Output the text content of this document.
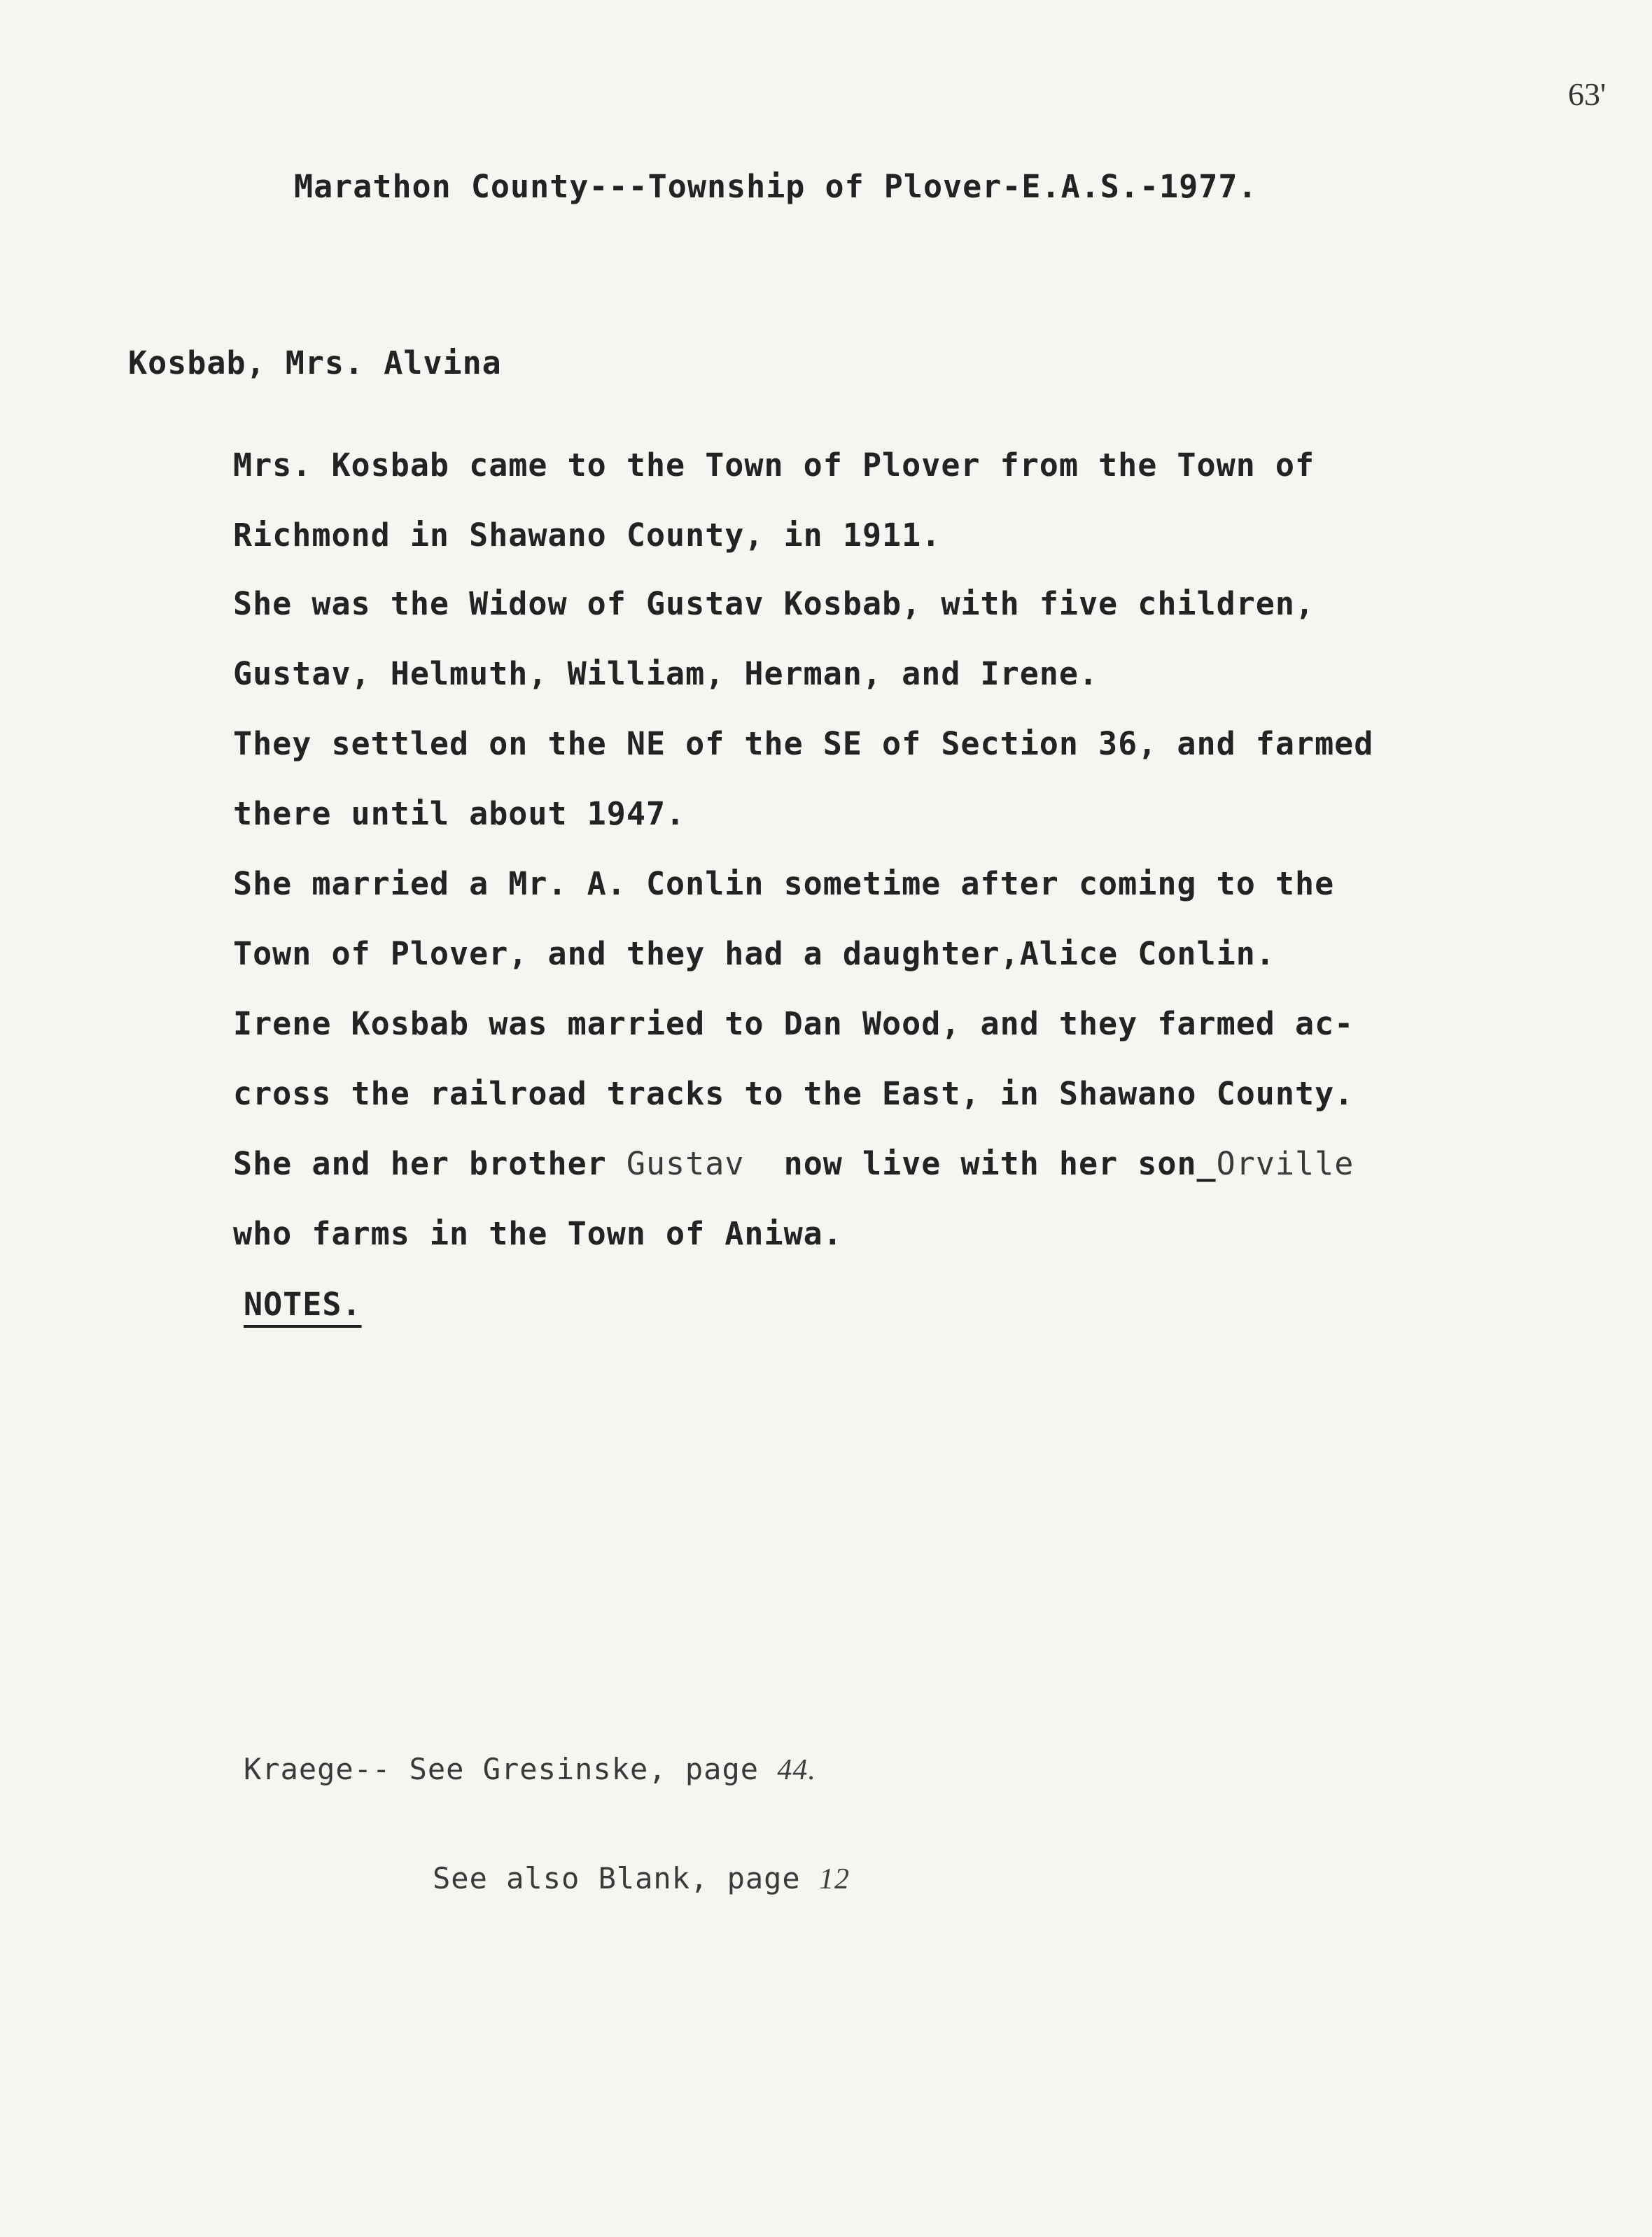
63'
Marathon County---Township of Plover-E.A.S.-1977.
Kosbab, Mrs. Alvina
Mrs. Kosbab came to the Town of Plover from the Town of
Richmond in Shawano County, in 1911.
She was the Widow of Gustav Kosbab, with five children,
Gustav, Helmuth, William, Herman, and Irene.
They settled on the NE of the SE of Section 36, and farmed
there until about 1947.
She married a Mr. A. Conlin sometime after coming to the
Town of Plover, and they had a daughter,Alice Conlin.
Irene Kosbab was married to Dan Wood, and they farmed ac-
cross the railroad tracks to the East, in Shawano County.
She and her brother Gustav  now live with her son_Orville
who farms in the Town of Aniwa.
NOTES.

Kraege-- See Gresinske, page 44.

See also Blank, page 12
